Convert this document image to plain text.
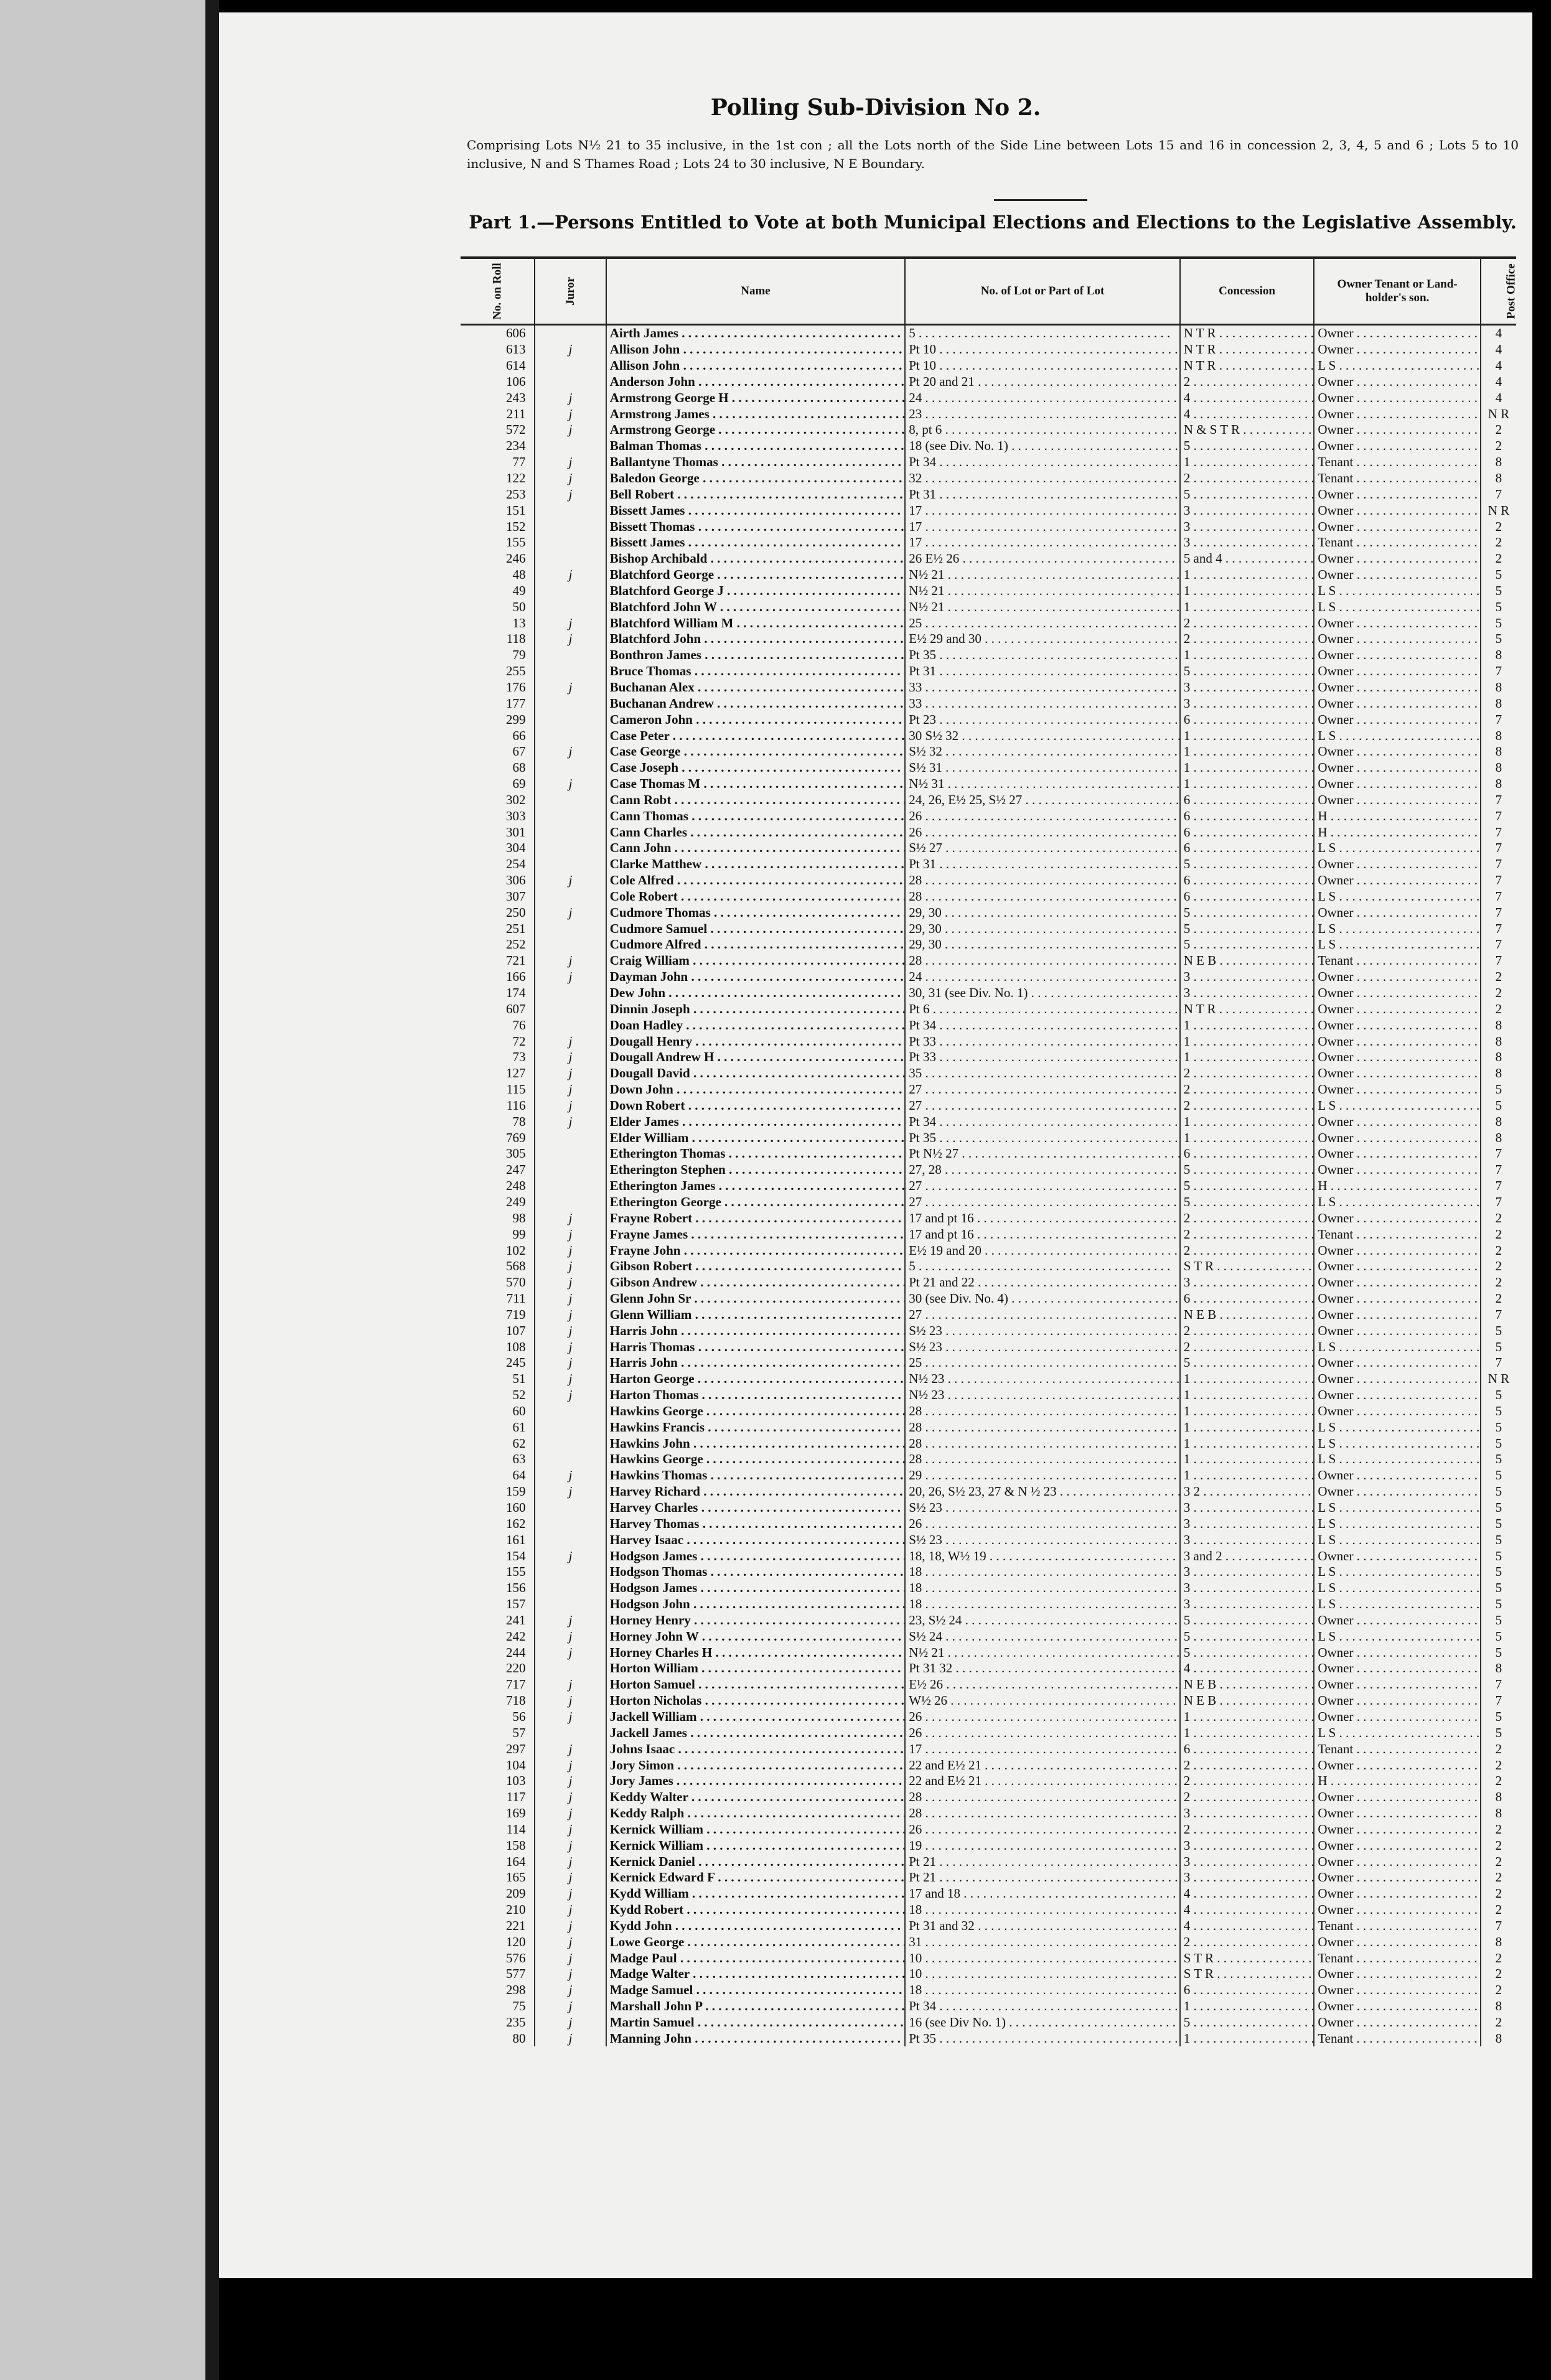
Polling Sub-Division No 2.
Comprising Lots N½ 21 to 35 inclusive, in the 1st con ; all the Lots north of the Side Line between Lots 15 and 16 in concession 2, 3, 4, 5 and 6 ; Lots 5 to 10 inclusive, N and S Thames Road ; Lots 24 to 30 inclusive, N E Boundary.
Part 1.—Persons Entitled to Vote at both Municipal Elections and Elections to the Legislative Assembly.
No. on Roll	Juror	Name	No. of Lot or Part of Lot	Concession	Owner Tenant or Land-holder's son.	Post Office
606		Airth James . . .	5 . . .	N T R . . .	Owner . . .	4
613	j	Allison John . . .	Pt 10 . . .	N T R . . .	Owner . . .	4
614		Allison John . . .	Pt 10 . . .	N T R . . .	L S . . .	4
106		Anderson John . . .	Pt 20 and 21 . . .	2 . . .	Owner . . .	4
243	j	Armstrong George H . . .	24 . . .	4 . . .	Owner . . .	4
211	j	Armstrong James . . .	23 . . .	4 . . .	Owner . . .	N R
572	j	Armstrong George . . .	8, pt 6 . . .	N & S T R . . .	Owner . . .	2
234		Balman Thomas . . .	18 (see Div. No. 1) . . .	5 . . .	Owner . . .	2
77	j	Ballantyne Thomas . . .	Pt 34 . . .	1 . . .	Tenant . . .	8
122	j	Baledon George . . .	32 . . .	2 . . .	Tenant . . .	8
253	j	Bell Robert . . .	Pt 31 . . .	5 . . .	Owner . . .	7
151		Bissett James . . .	17 . . .	3 . . .	Owner . . .	N R
152		Bissett Thomas . . .	17 . . .	3 . . .	Owner . . .	2
155		Bissett James . . .	17 . . .	3 . . .	Tenant . . .	2
246		Bishop Archibald . . .	26 E½ 26 . . .	5 and 4 . . .	Owner . . .	2
48	j	Blatchford George . . .	N½ 21 . . .	1 . . .	Owner . . .	5
49		Blatchford George J . . .	N½ 21 . . .	1 . . .	L S . . .	5
50		Blatchford John W . . .	N½ 21 . . .	1 . . .	L S . . .	5
13	j	Blatchford William M . . .	25 . . .	2 . . .	Owner . . .	5
118	j	Blatchford John . . .	E½ 29 and 30 . . .	2 . . .	Owner . . .	5
79		Bonthron James . . .	Pt 35 . . .	1 . . .	Owner . . .	8
255		Bruce Thomas . . .	Pt 31 . . .	5 . . .	Owner . . .	7
176	j	Buchanan Alex . . .	33 . . .	3 . . .	Owner . . .	8
177		Buchanan Andrew . . .	33 . . .	3 . . .	Owner . . .	8
299		Cameron John . . .	Pt 23 . . .	6 . . .	Owner . . .	7
66		Case Peter . . .	30 S½ 32 . . .	1 . . .	L S . . .	8
67	j	Case George . . .	S½ 32 . . .	1 . . .	Owner . . .	8
68		Case Joseph . . .	S½ 31 . . .	1 . . .	Owner . . .	8
69	j	Case Thomas M . . .	N½ 31 . . .	1 . . .	Owner . . .	8
302		Cann Robt . . .	24, 26, E½ 25, S½ 27 . . .	6 . . .	Owner . . .	7
303		Cann Thomas . . .	26 . . .	6 . . .	H . . .	7
301		Cann Charles . . .	26 . . .	6 . . .	H . . .	7
304		Cann John . . .	S½ 27 . . .	6 . . .	L S . . .	7
254		Clarke Matthew . . .	Pt 31 . . .	5 . . .	Owner . . .	7
306	j	Cole Alfred . . .	28 . . .	6 . . .	Owner . . .	7
307		Cole Robert . . .	28 . . .	6 . . .	L S . . .	7
250	j	Cudmore Thomas . . .	29, 30 . . .	5 . . .	Owner . . .	7
251		Cudmore Samuel . . .	29, 30 . . .	5 . . .	L S . . .	7
252		Cudmore Alfred . . .	29, 30 . . .	5 . . .	L S . . .	7
721	j	Craig William . . .	28 . . .	N E B . . .	Tenant . . .	7
166	j	Dayman John . . .	24 . . .	3 . . .	Owner . . .	2
174		Dew John . . .	30, 31 (see Div. No. 1) . . .	3 . . .	Owner . . .	2
607		Dinnin Joseph . . .	Pt 6 . . .	N T R . . .	Owner . . .	2
76		Doan Hadley . . .	Pt 34 . . .	1 . . .	Owner . . .	8
72	j	Dougall Henry . . .	Pt 33 . . .	1 . . .	Owner . . .	8
73	j	Dougall Andrew H . . .	Pt 33 . . .	1 . . .	Owner . . .	8
127	j	Dougall David . . .	35 . . .	2 . . .	Owner . . .	8
115	j	Down John . . .	27 . . .	2 . . .	Owner . . .	5
116	j	Down Robert . . .	27 . . .	2 . . .	L S . . .	5
78	j	Elder James . . .	Pt 34 . . .	1 . . .	Owner . . .	8
769		Elder William . . .	Pt 35 . . .	1 . . .	Owner . . .	8
305		Etherington Thomas . . .	Pt N½ 27 . . .	6 . . .	Owner . . .	7
247		Etherington Stephen . . .	27, 28 . . .	5 . . .	Owner . . .	7
248		Etherington James . . .	27 . . .	5 . . .	H . . .	7
249		Etherington George . . .	27 . . .	5 . . .	L S . . .	7
98	j	Frayne Robert . . .	17 and pt 16 . . .	2 . . .	Owner . . .	2
99	j	Frayne James . . .	17 and pt 16 . . .	2 . . .	Tenant . . .	2
102	j	Frayne John . . .	E½ 19 and 20 . . .	2 . . .	Owner . . .	2
568	j	Gibson Robert . . .	5 . . .	S T R . . .	Owner . . .	2
570	j	Gibson Andrew . . .	Pt 21 and 22 . . .	3 . . .	Owner . . .	2
711	j	Glenn John Sr . . .	30 (see Div. No. 4) . . .	6 . . .	Owner . . .	2
719	j	Glenn William . . .	27 . . .	N E B . . .	Owner . . .	7
107	j	Harris John . . .	S½ 23 . . .	2 . . .	Owner . . .	5
108	j	Harris Thomas . . .	S½ 23 . . .	2 . . .	L S . . .	5
245	j	Harris John . . .	25 . . .	5 . . .	Owner . . .	7
51	j	Harton George . . .	N½ 23 . . .	1 . . .	Owner . . .	N R
52	j	Harton Thomas . . .	N½ 23 . . .	1 . . .	Owner . . .	5
60		Hawkins George . . .	28 . . .	1 . . .	Owner . . .	5
61		Hawkins Francis . . .	28 . . .	1 . . .	L S . . .	5
62		Hawkins John . . .	28 . . .	1 . . .	L S . . .	5
63		Hawkins George . . .	28 . . .	1 . . .	L S . . .	5
64	j	Hawkins Thomas . . .	29 . . .	1 . . .	Owner . . .	5
159	j	Harvey Richard . . .	20, 26, S½ 23, 27 & N ½ 23 . . .	3 2 . . .	Owner . . .	5
160		Harvey Charles . . .	S½ 23 . . .	3 . . .	L S . . .	5
162		Harvey Thomas . . .	26 . . .	3 . . .	L S . . .	5
161		Harvey Isaac . . .	S½ 23 . . .	3 . . .	L S . . .	5
154	j	Hodgson James . . .	18, 18, W½ 19 . . .	3 and 2 . . .	Owner . . .	5
155		Hodgson Thomas . . .	18 . . .	3 . . .	L S . . .	5
156		Hodgson James . . .	18 . . .	3 . . .	L S . . .	5
157		Hodgson John . . .	18 . . .	3 . . .	L S . . .	5
241	j	Horney Henry . . .	23, S½ 24 . . .	5 . . .	Owner . . .	5
242	j	Horney John W . . .	S½ 24 . . .	5 . . .	L S . . .	5
244	j	Horney Charles H . . .	N½ 21 . . .	5 . . .	Owner . . .	5
220		Horton William . . .	Pt 31 32 . . .	4 . . .	Owner . . .	8
717	j	Horton Samuel . . .	E½ 26 . . .	N E B . . .	Owner . . .	7
718	j	Horton Nicholas . . .	W½ 26 . . .	N E B . . .	Owner . . .	7
56	j	Jackell William . . .	26 . . .	1 . . .	Owner . . .	5
57		Jackell James . . .	26 . . .	1 . . .	L S . . .	5
297	j	Johns Isaac . . .	17 . . .	6 . . .	Tenant . . .	2
104	j	Jory Simon . . .	22 and E½ 21 . . .	2 . . .	Owner . . .	2
103	j	Jory James . . .	22 and E½ 21 . . .	2 . . .	H . . .	2
117	j	Keddy Walter . . .	28 . . .	2 . . .	Owner . . .	8
169	j	Keddy Ralph . . .	28 . . .	3 . . .	Owner . . .	8
114	j	Kernick William . . .	26 . . .	2 . . .	Owner . . .	2
158	j	Kernick William . . .	19 . . .	3 . . .	Owner . . .	2
164	j	Kernick Daniel . . .	Pt 21 . . .	3 . . .	Owner . . .	2
165	j	Kernick Edward F . . .	Pt 21 . . .	3 . . .	Owner . . .	2
209	j	Kydd William . . .	17 and 18 . . .	4 . . .	Owner . . .	2
210	j	Kydd Robert . . .	18 . . .	4 . . .	Owner . . .	2
221	j	Kydd John . . .	Pt 31 and 32 . . .	4 . . .	Tenant . . .	7
120	j	Lowe George . . .	31 . . .	2 . . .	Owner . . .	8
576	j	Madge Paul . . .	10 . . .	S T R . . .	Tenant . . .	2
577	j	Madge Walter . . .	10 . . .	S T R . . .	Owner . . .	2
298	j	Madge Samuel . . .	18 . . .	6 . . .	Owner . . .	2
75	j	Marshall John P . . .	Pt 34 . . .	1 . . .	Owner . . .	8
235	j	Martin Samuel . . .	16 (see Div No. 1) . . .	5 . . .	Owner . . .	2
80	j	Manning John . . .	Pt 35 . . .	1 . . .	Tenant . . .	8
